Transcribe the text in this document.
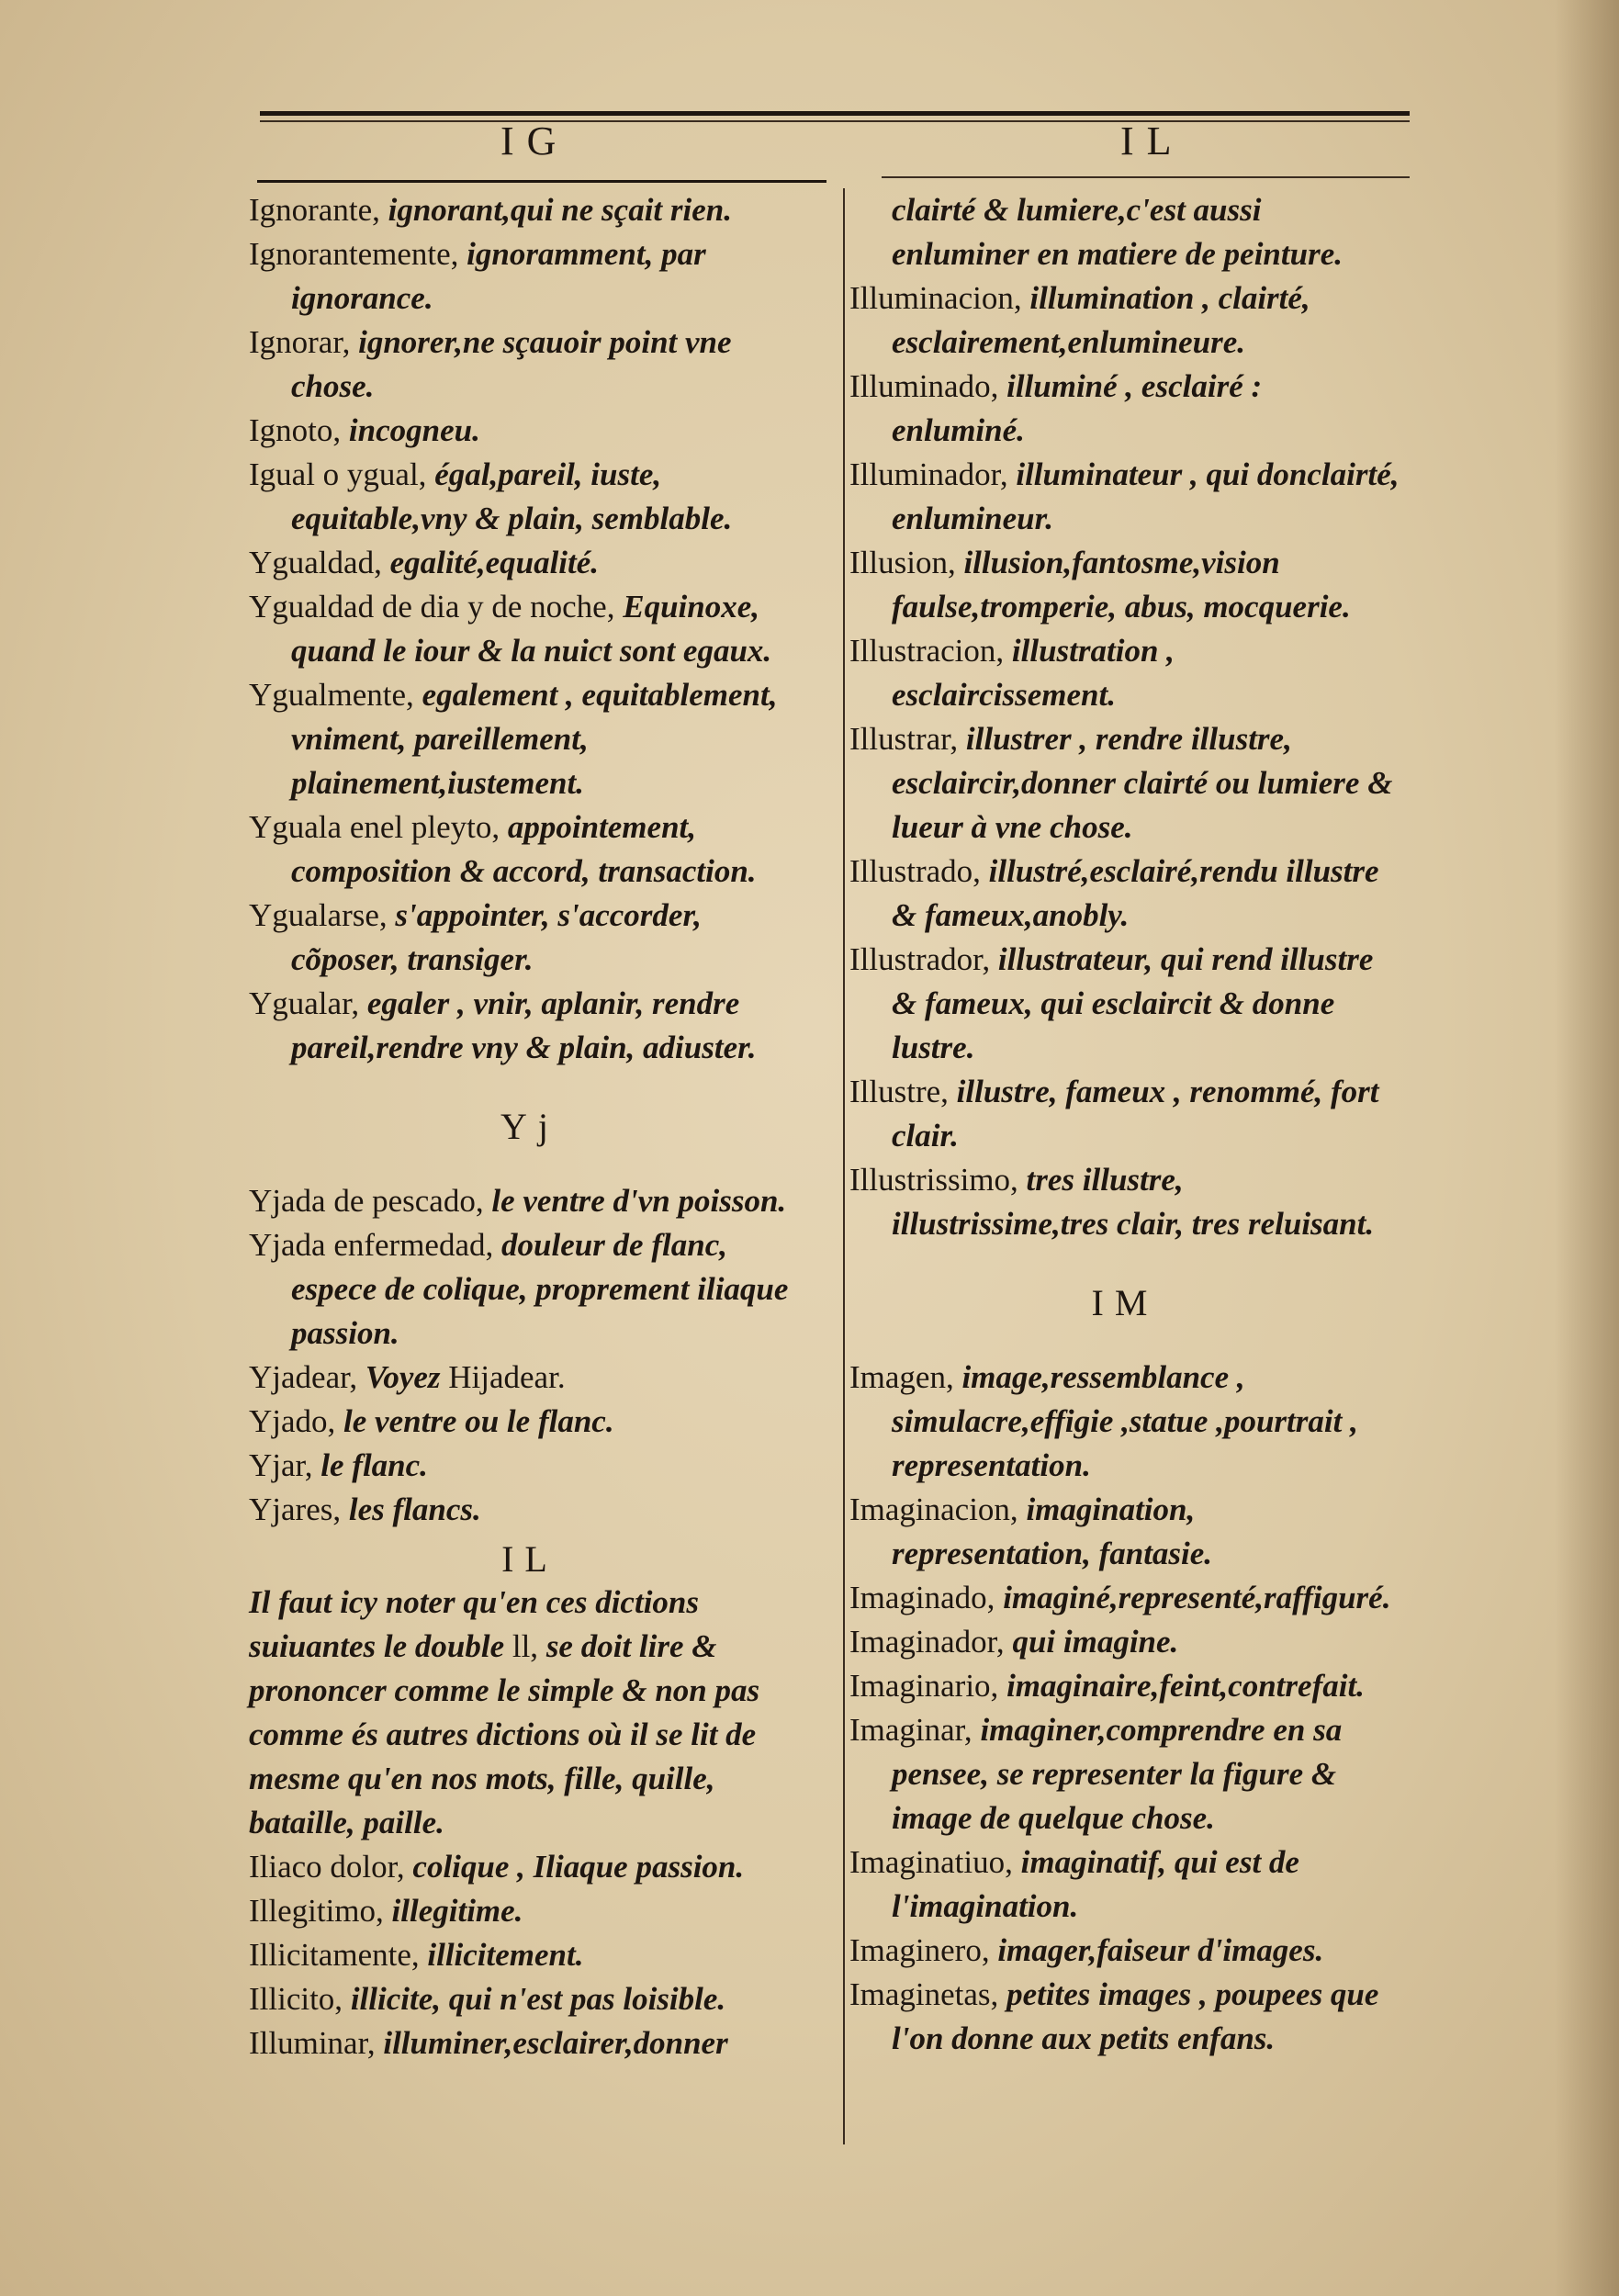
IG	IL

Ignorante, ignorant,qui ne sçait rien.

Ignorantemente, ignoramment, par ignorance.

Ignorar, ignorer,ne sçauoir point vne chose.

Ignoto, incogneu.

Igual o ygual, égal,pareil, iuste, equitable,vny & plain, semblable.

Ygualdad, egalité,equalité.

Ygualdad de dia y de noche, Equinoxe, quand le iour & la nuict sont egaux.

Ygualmente, egalement , equitablement, vniment, pareillement, plainement,iustement.

Yguala enel pleyto, appointement, composition & accord, transaction.

Ygualarse, s'appointer, s'accorder, cõposer, transiger.

Ygualar, egaler , vnir, aplanir, rendre pareil,rendre vny & plain, adiuster.

Yj

Yjada de pescado, le ventre d'vn poisson.

Yjada enfermedad, douleur de flanc, espece de colique, proprement iliaque passion.

Yjadear, Voyez Hijadear.

Yjado, le ventre ou le flanc.

Yjar, le flanc.

Yjares, les flancs.

IL

Il faut icy noter qu'en ces dictions suiuantes le double ll, se doit lire & prononcer comme le simple & non pas comme és autres dictions où il se lit de mesme qu'en nos mots, fille, quille, bataille, paille.

Iliaco dolor, colique , Iliaque passion.

Illegitimo, illegitime.

Illicitamente, illicitement.

Illicito, illicite, qui n'est pas loisible.

Illuminar, illuminer,esclairer,donner

clairté & lumiere,c'est aussi enluminer en matiere de peinture.

Illuminacion, illumination , clairté, esclairement,enlumineure.

Illuminado, illuminé , esclairé : enluminé.

Illuminador, illuminateur , qui donclairté, enlumineur.

Illusion, illusion,fantosme,vision faulse,tromperie, abus, mocquerie.

Illustracion, illustration , esclaircissement.

Illustrar, illustrer , rendre illustre, esclaircir,donner clairté ou lumiere & lueur à vne chose.

Illustrado, illustré,esclairé,rendu illustre & fameux,anobly.

Illustrador, illustrateur, qui rend illustre & fameux, qui esclaircit & donne lustre.

Illustre, illustre, fameux , renommé, fort clair.

Illustrissimo, tres illustre, illustrissime,tres clair, tres reluisant.

IM

Imagen, image,ressemblance , simulacre,effigie ,statue ,pourtrait , representation.

Imaginacion, imagination, representation, fantasie.

Imaginado, imaginé,representé,raffiguré.

Imaginador, qui imagine.

Imaginario, imaginaire,feint,contrefait.

Imaginar, imaginer,comprendre en sa pensee, se representer la figure & image de quelque chose.

Imaginatiuo, imaginatif, qui est de l'imagination.

Imaginero, imager,faiseur d'images.

Imaginetas, petites images , poupees que l'on donne aux petits enfans.
